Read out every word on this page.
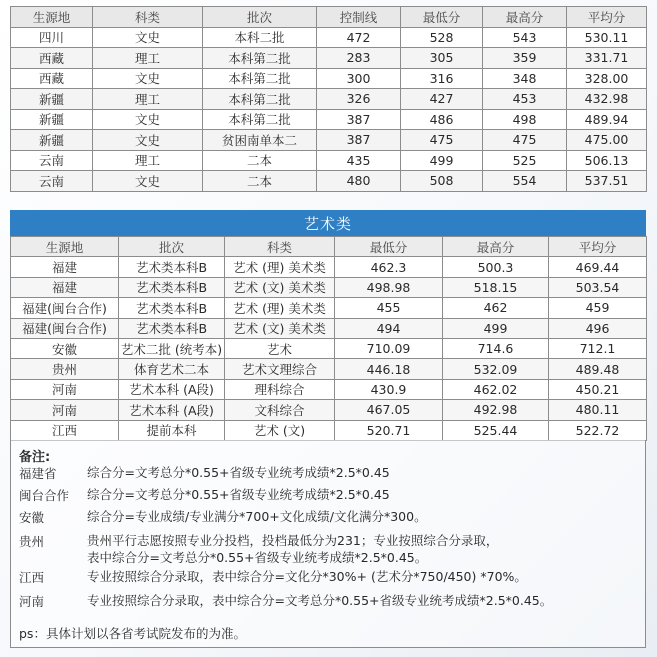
生源地	科类	批次	控制线	最低分	最高分	平均分
四川	文史	本科二批	472	528	543	530.11
西藏	理工	本科第二批	283	305	359	331.71
西藏	文史	本科第二批	300	316	348	328.00
新疆	理工	本科第二批	326	427	453	432.98
新疆	文史	本科第二批	387	486	498	489.94
新疆	文史	贫困南单本二	387	475	475	475.00
云南	理工	二本	435	499	525	506.13
云南	文史	二本	480	508	554	537.51
艺术类
生源地	批次	科类	最低分	最高分	平均分
福建	艺术类本科B	艺术 (理) 美术类	462.3	500.3	469.44
福建	艺术类本科B	艺术 (文) 美术类	498.98	518.15	503.54
福建(闽台合作)	艺术类本科B	艺术 (理) 美术类	455	462	459
福建(闽台合作)	艺术类本科B	艺术 (文) 美术类	494	499	496
安徽	艺术二批 (统考本)	艺术	710.09	714.6	712.1
贵州	体育艺术二本	艺术文理综合	446.18	532.09	489.48
河南	艺术本科 (A段)	理科综合	430.9	462.02	450.21
河南	艺术本科 (A段)	文科综合	467.05	492.98	480.11
江西	提前本科	艺术 (文)	520.71	525.44	522.72
备注:
福建省	综合分=文考总分*0.55+省级专业统考成绩*2.5*0.45
闽台合作	综合分=文考总分*0.55+省级专业统考成绩*2.5*0.45
安徽	综合分=专业成绩/专业满分*700+文化成绩/文化满分*300。
贵州	贵州平行志愿按照专业分投档，投档最低分为231；专业按照综合分录取，
表中综合分=文考总分*0.55+省级专业统考成绩*2.5*0.45。
江西	专业按照综合分录取，表中综合分=文化分*30%+ (艺术分*750/450) *70%。
河南	专业按照综合分录取，表中综合分=文考总分*0.55+省级专业统考成绩*2.5*0.45。
ps：具体计划以各省考试院发布的为准。
